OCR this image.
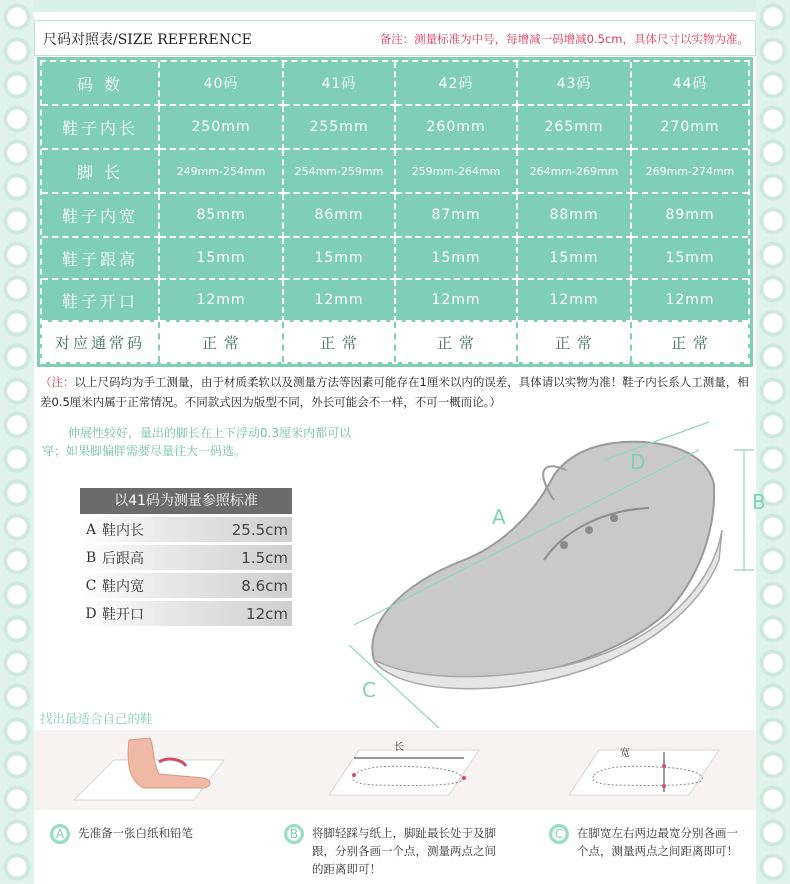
尺码对照表/SIZE REFERENCE	备注：测量标准为中号，每增减一码增减0.5cm，具体尺寸以实物为准。
码 数	40码	41码	42码	43码	44码
鞋子内长	250mm	255mm	260mm	265mm	270mm
脚 长	249mm-254mm	254mm-259mm	259mm-264mm	264mm-269mm	269mm-274mm
鞋子内宽	85mm	86mm	87mm	88mm	89mm
鞋子跟高	15mm	15mm	15mm	15mm	15mm
鞋子开口	12mm	12mm	12mm	12mm	12mm
对应通常码	正 常	正 常	正 常	正 常	正 常
（注：以上尺码均为手工测量，由于材质柔软以及测量方法等因素可能存在1厘米以内的误差，具体请以实物为准！鞋子内长系人工测量，相差0.5厘米内属于正常情况。不同款式因为版型不同，外长可能会不一样，不可一概而论。）
伸展性较好，量出的脚长在上下浮动0.3厘米内都可以穿；如果脚偏胖需要尽量往大一码选。
以41码为测量参照标准
A 鞋内长	25.5cm
B 后跟高	1.5cm
C 鞋内宽	8.6cm
D 鞋开口	12cm
A
B
C
D
找出最适合自己的鞋
长
宽
A	先准备一张白纸和铅笔	B	将脚轻踩与纸上，脚趾最长处于及脚跟，分别各画一个点，测量两点之间的距离即可！
C	在脚宽左右两边最宽分别各画一个点，测量两点之间距离即可！
